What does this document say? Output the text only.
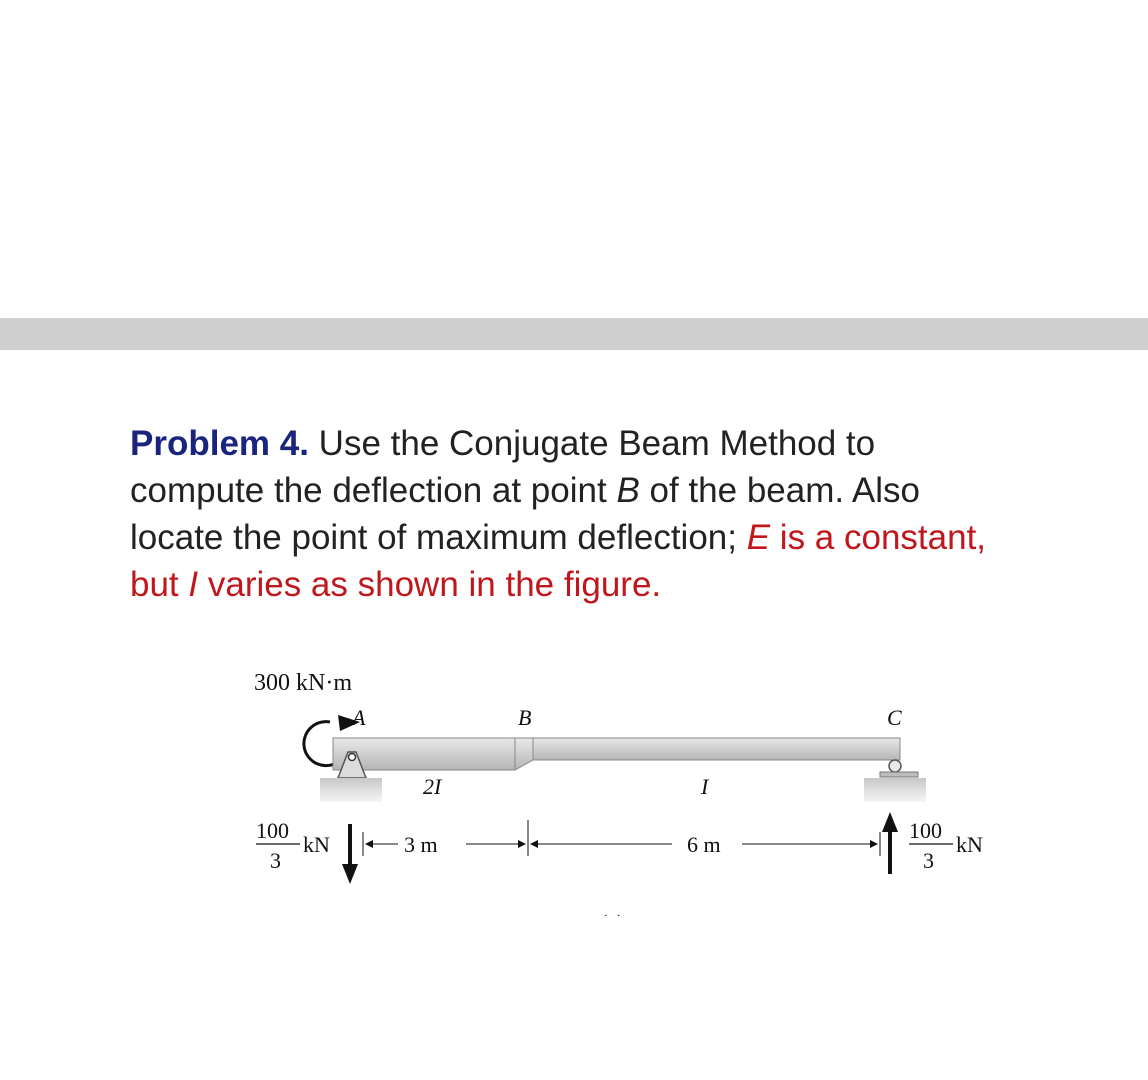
Problem 4. Use the Conjugate Beam Method to
compute the deflection at point B of the beam. Also
locate the point of maximum deflection; E is a constant,
but I varies as shown in the figure.
300 kN·m
A	B	C
2I	I
100
3
kN
100
3
kN
3 m	6 m
(a)
